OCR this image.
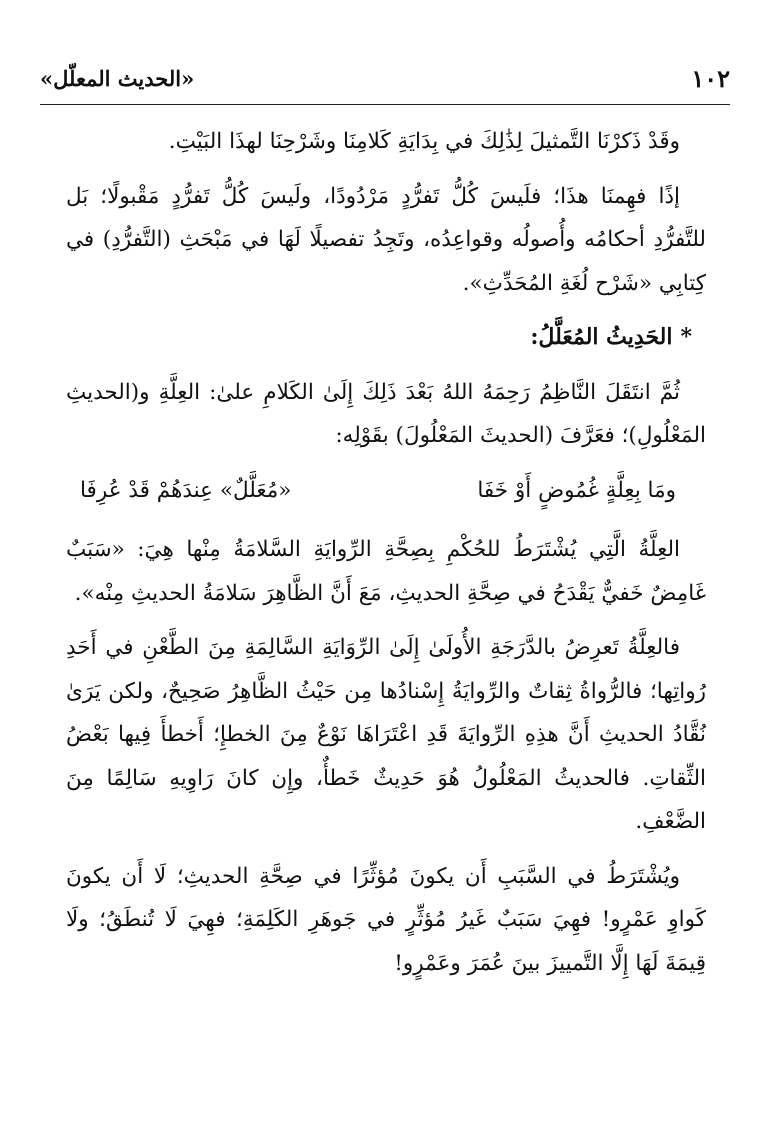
١٠٢
«الحديث المعلّل»

وقَدْ ذَكرْنَا التَّمثيلَ لِذَٰلِكَ في بِدَايَةِ كَلامِنَا وشَرْحِنَا لهذَا البَيْتِ.

إذًا فهِمنَا هذَا؛ فلَيسَ كُلُّ تَفرُّدٍ مَرْدُودًا، ولَيسَ كُلُّ تَفرُّدٍ مَقْبولًا؛ بَل للتَّفرُّدِ أحكامُه وأُصولُه وقواعِدُه، وتَجِدُ تفصيلًا لَهَا في مَبْحَثِ (التَّفرُّدِ) في كِتابِي «شَرْح لُغَةِ المُحَدِّثِ».

*الحَدِيثُ المُعَلَّلُ:

ثُمَّ انتَقَلَ النَّاظِمُ رَحِمَهُ اللهُ بَعْدَ ذَلِكَ إِلَىٰ الكَلامِ علىٰ: العِلَّةِ و(الحديثِ المَعْلُولِ)؛ فعَرَّفَ (الحديثَ المَعْلُولَ) بقَوْلِه:

ومَا بِعِلَّةٍ غُمُوضٍ أَوْ خَفَا
«مُعَلَّلٌ» عِندَهُمْ قَدْ عُرِفَا

العِلَّةُ الَّتِي يُشْتَرَطُ للحُكْمِ بِصِحَّةِ الرِّوايَةِ السَّلامَةُ مِنْها هِيَ: «سَبَبٌ غَامِضٌ خَفيٌّ يَقْدَحُ في صِحَّةِ الحديثِ، مَعَ أَنَّ الظَّاهِرَ سَلامَةُ الحديثِ مِنْه».

فالعِلَّةُ تَعرِضُ بالدَّرَجَةِ الأُولَىٰ إِلَىٰ الرِّوَايَةِ السَّالِمَةِ مِنَ الطَّعْنِ في أَحَدِ رُواتِها؛ فالرُّواةُ ثِقاتٌ والرِّوايَةُ إِسْنادُها مِن حَيْثُ الظَّاهِرُ صَحِيحٌ، ولكن يَرَىٰ نُقَّادُ الحديثِ أَنَّ هذِهِ الرِّوايَةَ قَدِ اعْتَرَاهَا نَوْعٌ مِنَ الخطإِ؛ أَخطأَ فِيها بَعْضُ الثِّقاتِ. فالحديثُ المَعْلُولُ هُوَ حَدِيثٌ خَطأٌ، وإِن كانَ رَاوِيهِ سَالِمًا مِنَ الضَّعْفِ.

ويُشْتَرَطُ في السَّبَبِ أَن يكونَ مُؤثِّرًا في صِحَّةِ الحديثِ؛ لَا أَن يكونَ كَواوِ عَمْرٍو! فهِيَ سَبَبٌ غَيرُ مُؤثِّرٍ في جَوهَرِ الكَلِمَةِ؛ فهِيَ لَا تُنطَقُ؛ ولَا قِيمَةَ لَهَا إِلَّا التَّمييزَ بينَ عُمَرَ وعَمْرٍو!
